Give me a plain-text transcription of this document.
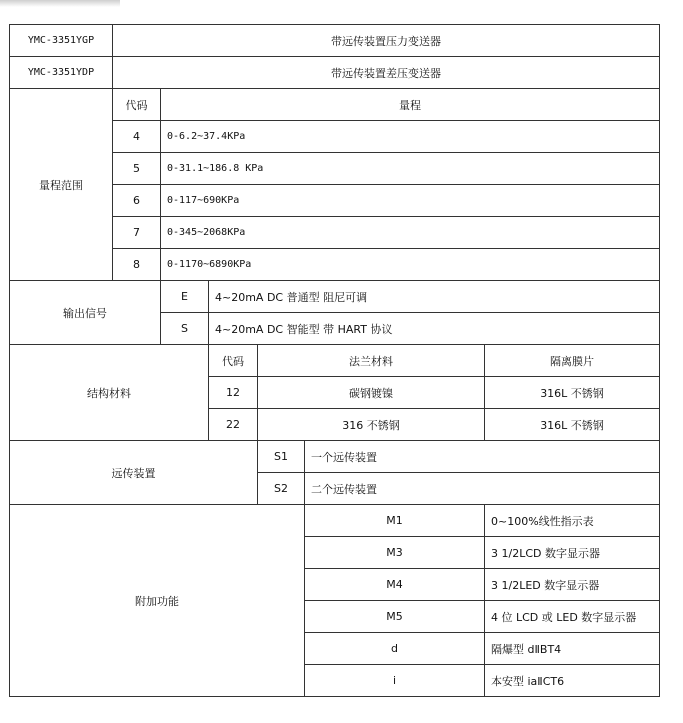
YMC-3351YGP	带远传装置压力变送器					
YMC-3351YDP	带远传装置差压变送器					
量程范围	代码	量程				
	4	0-6.2~37.4KPa				
	5	0-31.1~186.8 KPa				
	6	0-117~690KPa				
	7	0-345~2068KPa				
	8	0-1170~6890KPa				
输出信号		E	4~20mA DC 普通型 阻尼可调			
		S	4~20mA DC 智能型 带 HART 协议			
结构材料			代码	法兰材料		隔离膜片
			12	碳钢镀镍		316L 不锈钢
			22	316 不锈钢		316L 不锈钢
远传装置				S1	一个远传装置	
				S2	二个远传装置	
附加功能					M1	0~100%线性指示表
					M3	3 1/2LCD 数字显示器
					M4	3 1/2LED 数字显示器
					M5	4 位 LCD 或 LED 数字显示器
					d	隔爆型 dⅡBT4
					i	本安型 iaⅡCT6
